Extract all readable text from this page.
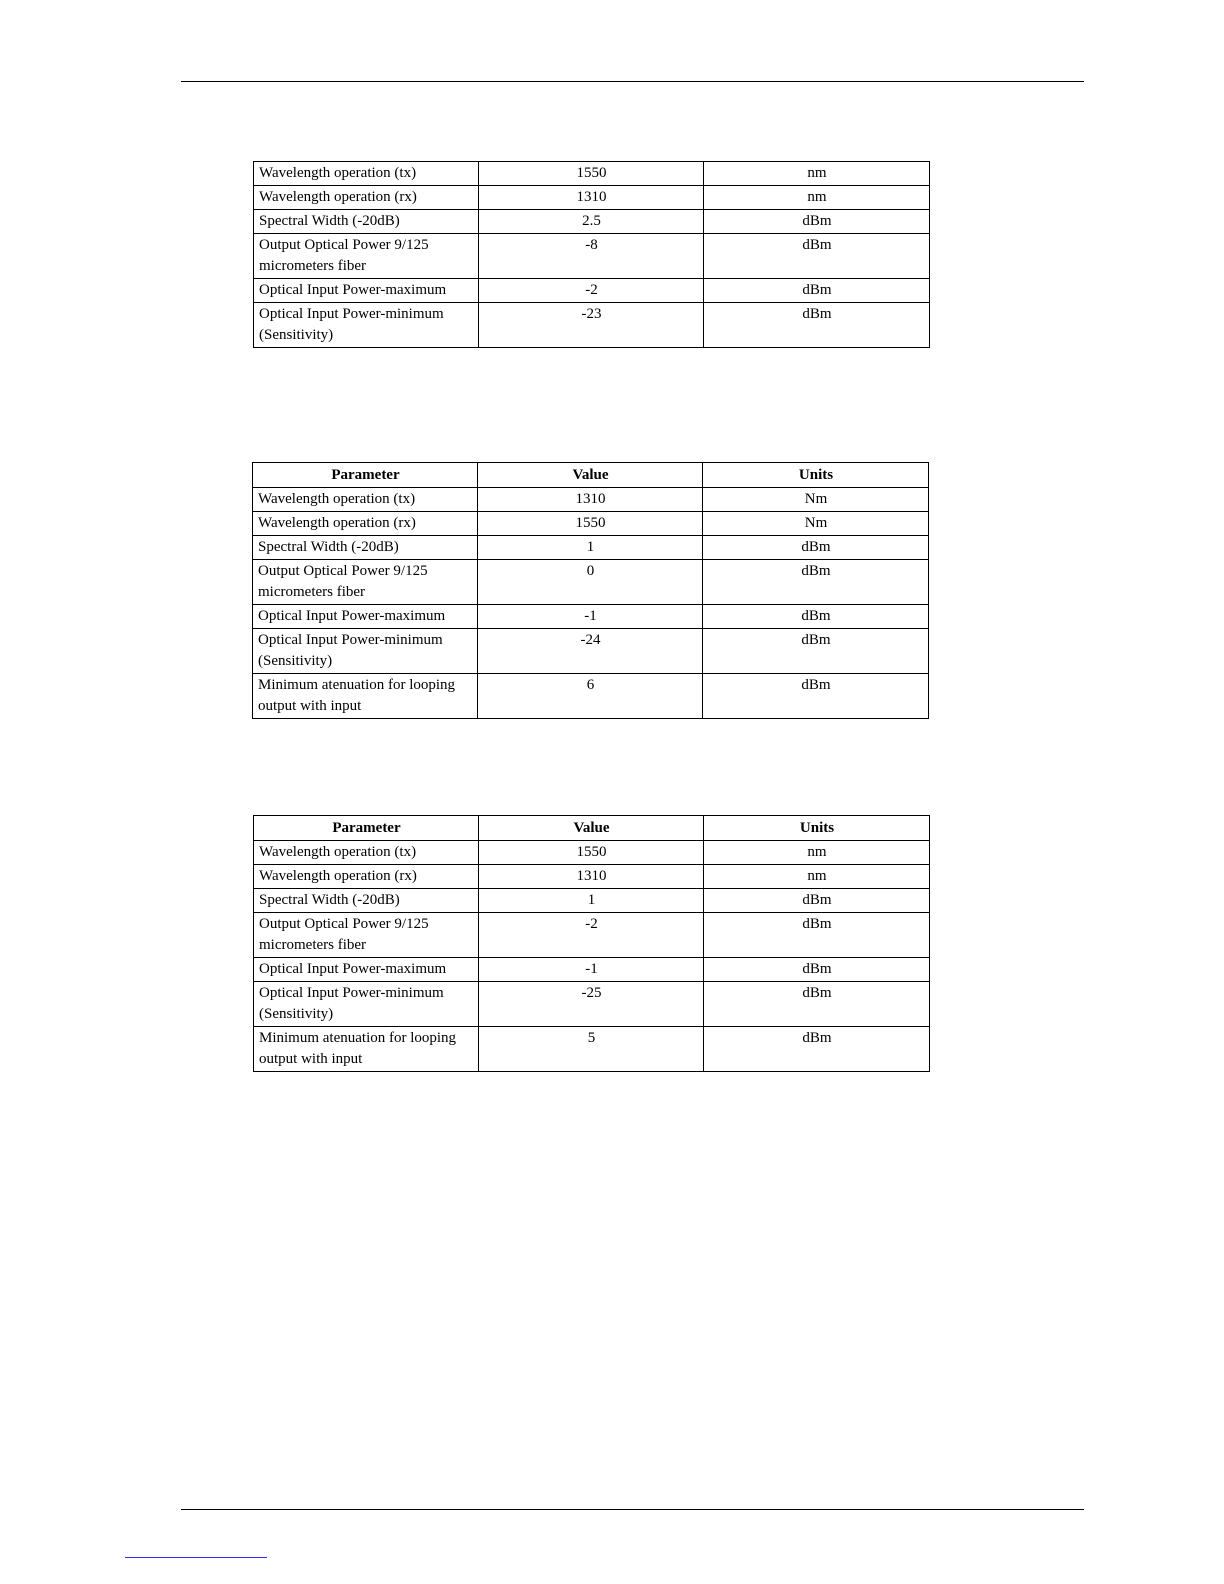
Wavelength operation (tx)	1550	nm
Wavelength operation (rx)	1310	nm
Spectral Width (-20dB)	2.5	dBm
Output Optical Power 9/125 micrometers fiber	-8	dBm
Optical Input Power-maximum	-2	dBm
Optical Input Power-minimum (Sensitivity)	-23	dBm
Parameter	Value	Units
Wavelength operation (tx)	1310	Nm
Wavelength operation (rx)	1550	Nm
Spectral Width (-20dB)	1	dBm
Output Optical Power 9/125 micrometers fiber	0	dBm
Optical Input Power-maximum	-1	dBm
Optical Input Power-minimum (Sensitivity)	-24	dBm
Minimum atenuation for looping output with input	6	dBm
Parameter	Value	Units
Wavelength operation (tx)	1550	nm
Wavelength operation (rx)	1310	nm
Spectral Width (-20dB)	1	dBm
Output Optical Power 9/125 micrometers fiber	-2	dBm
Optical Input Power-maximum	-1	dBm
Optical Input Power-minimum (Sensitivity)	-25	dBm
Minimum atenuation for looping output with input	5	dBm
